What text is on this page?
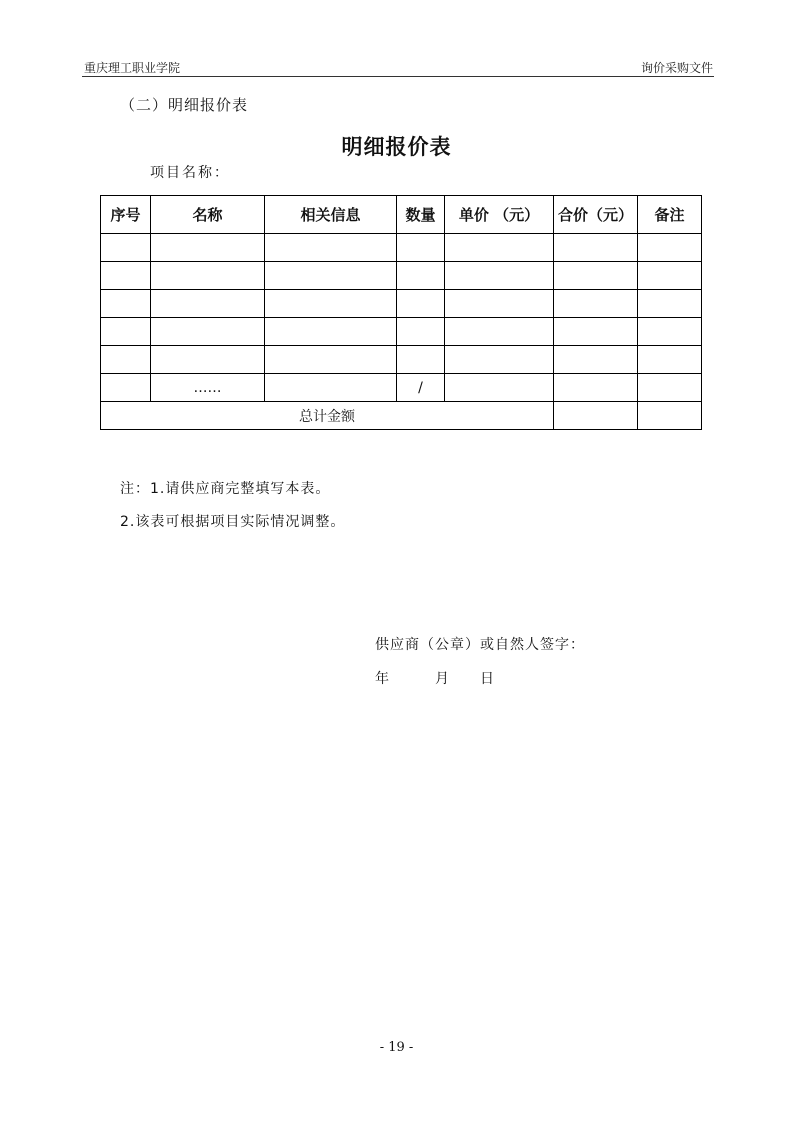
重庆理工职业学院	询价采购文件
（二）明细报价表
明细报价表
项目名称：
序号	名称	相关信息	数量	单价 （元）	合价（元）	备注

	……		/			
总计金额						
注：1.请供应商完整填写本表。
2.该表可根据项目实际情况调整。
供应商（公章）或自然人签字：
年　　　月　　日
- 19 -
